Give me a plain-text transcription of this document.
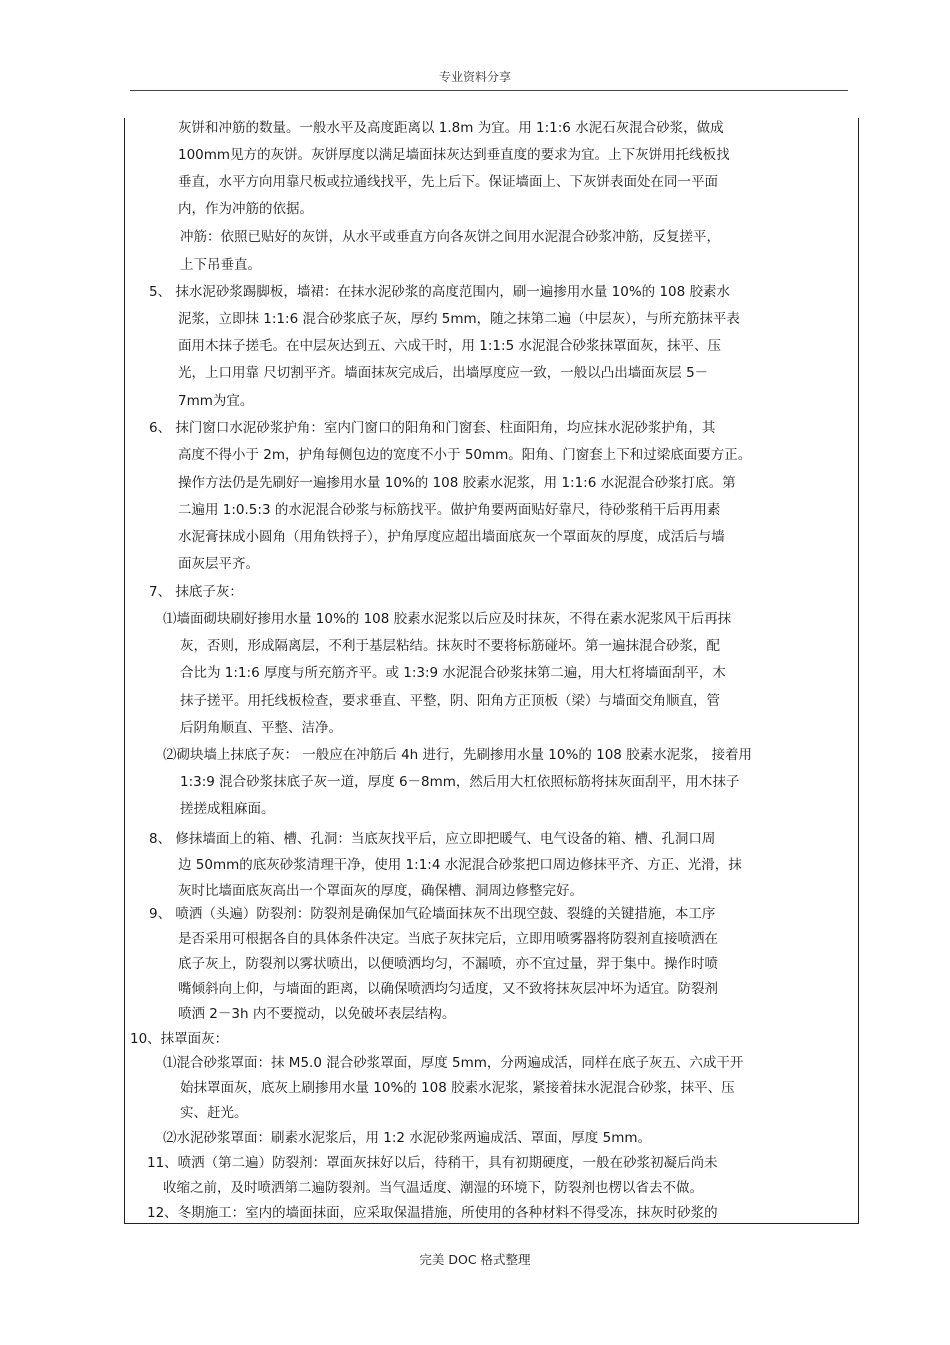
专业资料分享
灰饼和冲筋的数量。一般水平及高度距离以 1.8m 为宜。用 1:1:6 水泥石灰混合砂浆，做成
100mm见方的灰饼。灰饼厚度以满足墙面抹灰达到垂直度的要求为宜。上下灰饼用托线板找
垂直，水平方向用靠尺板或拉通线找平，先上后下。保证墙面上、下灰饼表面处在同一平面
内，作为冲筋的依据。
冲筋：依照已贴好的灰饼，从水平或垂直方向各灰饼之间用水泥混合砂浆冲筋，反复搓平，
上下吊垂直。
5、 抹水泥砂浆踢脚板，墙裙：在抹水泥砂浆的高度范围内，刷一遍掺用水量 10%的 108 胶素水
泥浆，立即抹 1:1:6 混合砂浆底子灰，厚约 5mm，随之抹第二遍（中层灰），与所充筋抹平表
面用木抹子搓毛。在中层灰达到五、六成干时，用 1:1:5 水泥混合砂浆抹罩面灰，抹平、压
光，上口用靠 尺切割平齐。墙面抹灰完成后，出墙厚度应一致，一般以凸出墙面灰层 5－
7mm为宜。
6、 抹门窗口水泥砂浆护角：室内门窗口的阳角和门窗套、柱面阳角，均应抹水泥砂浆护角，其
高度不得小于 2m，护角每侧包边的宽度不小于 50mm。阳角、门窗套上下和过梁底面要方正。
操作方法仍是先刷好一遍掺用水量 10%的 108 胶素水泥浆，用 1:1:6 水泥混合砂浆打底。第
二遍用 1:0.5:3 的水泥混合砂浆与标筋找平。做护角要两面贴好靠尺，待砂浆稍干后再用素
水泥膏抹成小圆角（用角铁捋子），护角厚度应超出墙面底灰一个罩面灰的厚度，成活后与墙
面灰层平齐。
7、 抹底子灰：
⑴墙面砌块刷好掺用水量 10%的 108 胶素水泥浆以后应及时抹灰，不得在素水泥浆风干后再抹
灰，否则，形成隔离层，不利于基层粘结。抹灰时不要将标筋碰坏。第一遍抹混合砂浆，配
合比为 1:1:6 厚度与所充筋齐平。或 1:3:9 水泥混合砂浆抹第二遍，用大杠将墙面刮平，木
抹子搓平。用托线板检查，要求垂直、平整，阴、阳角方正顶板（梁）与墙面交角顺直，管
后阴角顺直、平整、洁净。
⑵砌块墙上抹底子灰： 一般应在冲筋后 4h 进行，先刷掺用水量 10%的 108 胶素水泥浆， 接着用
1:3:9 混合砂浆抹底子灰一道，厚度 6－8mm，然后用大杠依照标筋将抹灰面刮平，用木抹子
搓搓成粗麻面。
8、 修抹墙面上的箱、槽、孔洞：当底灰找平后，应立即把暖气、电气设备的箱、槽、孔洞口周
边 50mm的底灰砂浆清理干净，使用 1:1:4 水泥混合砂浆把口周边修抹平齐、方正、光滑，抹
灰时比墙面底灰高出一个罩面灰的厚度，确保槽、洞周边修整完好。
9、 喷洒（头遍）防裂剂：防裂剂是确保加气砼墙面抹灰不出现空鼓、裂缝的关键措施，本工序
是否采用可根据各自的具体条件决定。当底子灰抹完后，立即用喷雾器将防裂剂直接喷洒在
底子灰上，防裂剂以雾状喷出，以便喷洒均匀，不漏喷，亦不宜过量，羿于集中。操作时喷
嘴倾斜向上仰，与墙面的距离，以确保喷洒均匀适度，又不致将抹灰层冲坏为适宜。防裂剂
喷洒 2－3h 内不要搅动，以免破坏表层结构。
10、抹罩面灰：
⑴混合砂浆罩面：抹 M5.0 混合砂浆罩面，厚度 5mm，分两遍成活，同样在底子灰五、六成干开
始抹罩面灰，底灰上刷掺用水量 10%的 108 胶素水泥浆，紧接着抹水泥混合砂浆，抹平、压
实、赶光。
⑵水泥砂浆罩面：刷素水泥浆后，用 1:2 水泥砂浆两遍成活、罩面，厚度 5mm。
11、喷洒（第二遍）防裂剂：罩面灰抹好以后，待稍干，具有初期硬度，一般在砂浆初凝后尚未
收缩之前，及时喷洒第二遍防裂剂。当气温适度、潮湿的环境下，防裂剂也楞以省去不做。
12、冬期施工：室内的墙面抹面，应采取保温措施，所使用的各种材料不得受冻，抹灰时砂浆的
完美 DOC 格式整理
